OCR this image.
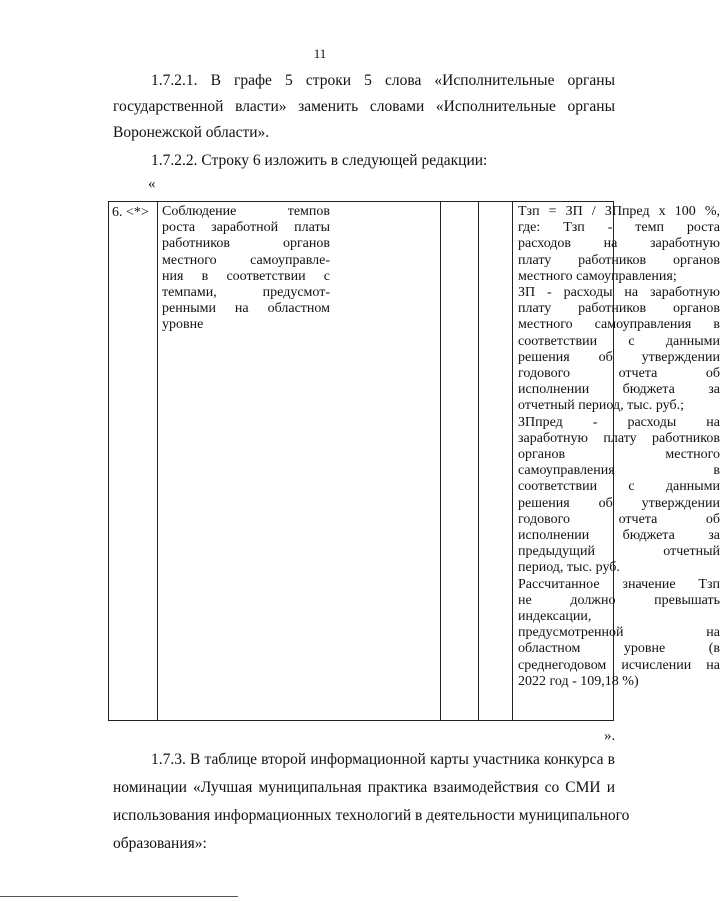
11
1.7.2.1. В графе 5 строки 5 слова «Исполнительные органы
государственной власти» заменить словами «Исполнительные органы
Воронежской области».
1.7.2.2. Строку 6 изложить в следующей редакции:
«
6. <*> Соблюдение темпов
роста заработной платы
работников органов
местного самоуправле-
ния в соответствии с
темпами, предусмот-
ренными на областном
уровне
Тзп = ЗП / ЗПпред x 100 %,
где: Тзп - темп роста
расходов на заработную
плату работников органов
местного самоуправления;
ЗП - расходы на заработную
плату работников органов
местного самоуправления в
соответствии с данными
решения об утверждении
годового отчета об
исполнении бюджета за
отчетный период, тыс. руб.;
ЗПпред - расходы на
заработную плату работников
органов местного
самоуправления в
соответствии с данными
решения об утверждении
годового отчета об
исполнении бюджета за
предыдущий отчетный
период, тыс. руб.
Рассчитанное значение Тзп
не должно превышать
индексации,
предусмотренной на
областном уровне (в
среднегодовом исчислении на
2022 год - 109,18 %)
».
1.7.3. В таблице второй информационной карты участника конкурса в
номинации «Лучшая муниципальная практика взаимодействия со СМИ и
использования информационных технологий в деятельности муниципального
образования»:
